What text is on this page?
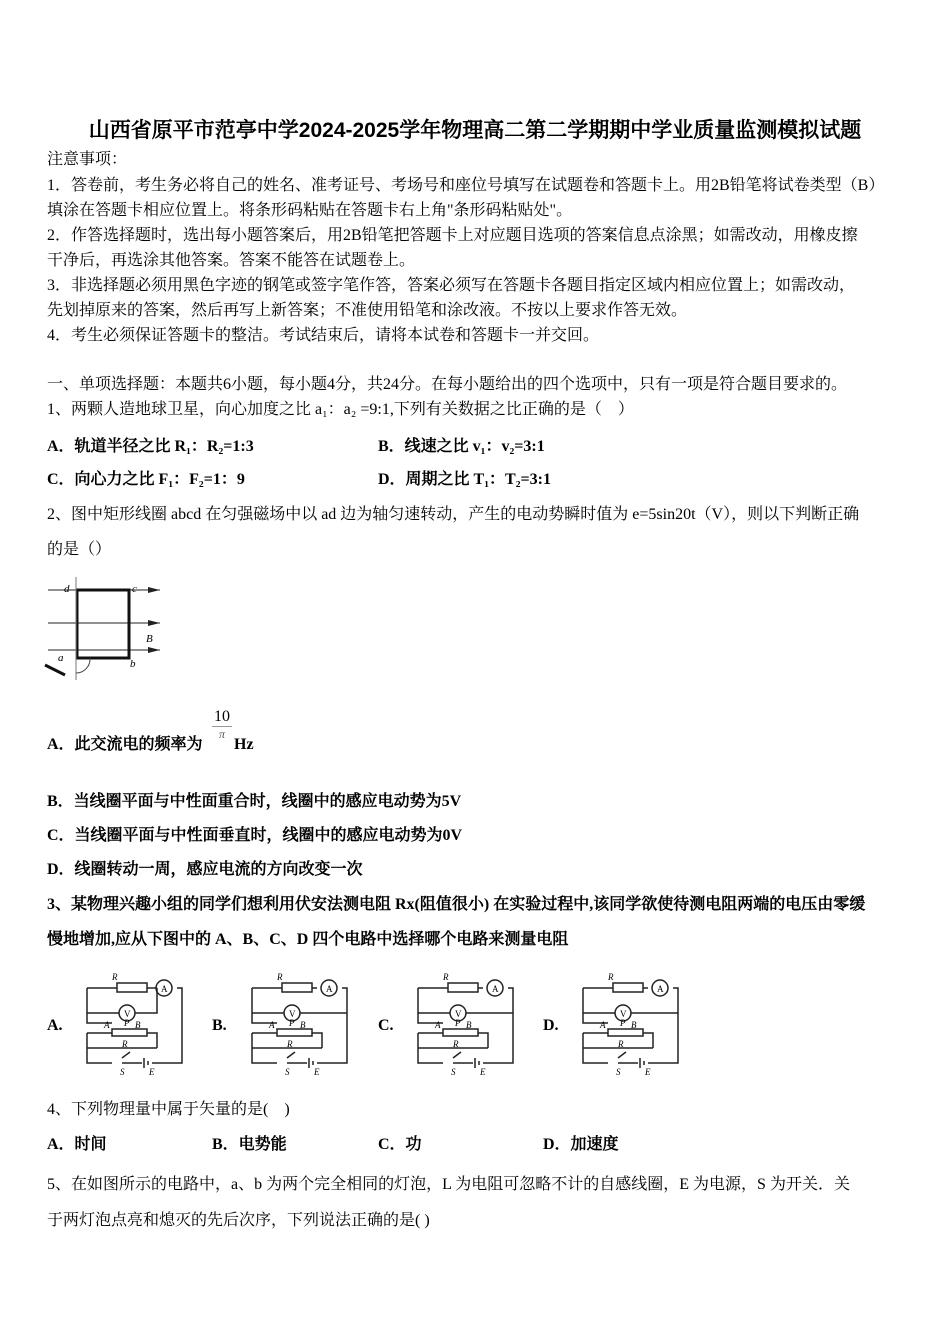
山西省原平市范亭中学2024-2025学年物理高二第二学期期中学业质量监测模拟试题
注意事项：
1．答卷前，考生务必将自己的姓名、准考证号、考场号和座位号填写在试题卷和答题卡上。用2B铅笔将试卷类型（B）
填涂在答题卡相应位置上。将条形码粘贴在答题卡右上角"条形码粘贴处"。
2．作答选择题时，选出每小题答案后，用2B铅笔把答题卡上对应题目选项的答案信息点涂黑；如需改动，用橡皮擦
干净后，再选涂其他答案。答案不能答在试题卷上。
3．非选择题必须用黑色字迹的钢笔或签字笔作答，答案必须写在答题卡各题目指定区域内相应位置上；如需改动，
先划掉原来的答案，然后再写上新答案；不准使用铅笔和涂改液。不按以上要求作答无效。
4．考生必须保证答题卡的整洁。考试结束后，请将本试卷和答题卡一并交回。
一、单项选择题：本题共6小题，每小题4分，共24分。在每小题给出的四个选项中，只有一项是符合题目要求的。
1、两颗人造地球卫星，向心加度之比 a₁：a₂ =9:1,下列有关数据之比正确的是（　）
A．轨道半径之比 R₁：R₂=1:3	B．线速之比 v₁：v₂=3:1
C．向心力之比 F₁：F₂=1：9	D．周期之比 T₁：T₂=3:1
2、图中矩形线圈 abcd 在匀强磁场中以 ad 边为轴匀速转动，产生的电动势瞬时值为 e=5sin20t（V），则以下判断正确
的是（）
d	c
a	b
B
A．此交流电的频率为
10
π
Hz
B．当线圈平面与中性面重合时，线圈中的感应电动势为5V
C．当线圈平面与中性面垂直时，线圈中的感应电动势为0V
D．线圈转动一周，感应电流的方向改变一次
3、某物理兴趣小组的同学们想利用伏安法测电阻 Rx(阻值很小) 在实验过程中,该同学欲使待测电阻两端的电压由零缓
慢地增加,应从下图中的 A、B、C、D 四个电路中选择哪个电路来测量电阻
A.
R
A
V
A P B
R
S	E
B.
R
A
V
A P B
R
S	E
C.
R
A
V
A P B
R
S	E
D.
R
A
V
A P B
R
S	E
4、下列物理量中属于矢量的是(　)
A．时间	B．电势能	C．功	D．加速度
5、在如图所示的电路中，a、b 为两个完全相同的灯泡，L 为电阻可忽略不计的自感线圈，E 为电源，S 为开关．关
于两灯泡点亮和熄灭的先后次序，下列说法正确的是( )
